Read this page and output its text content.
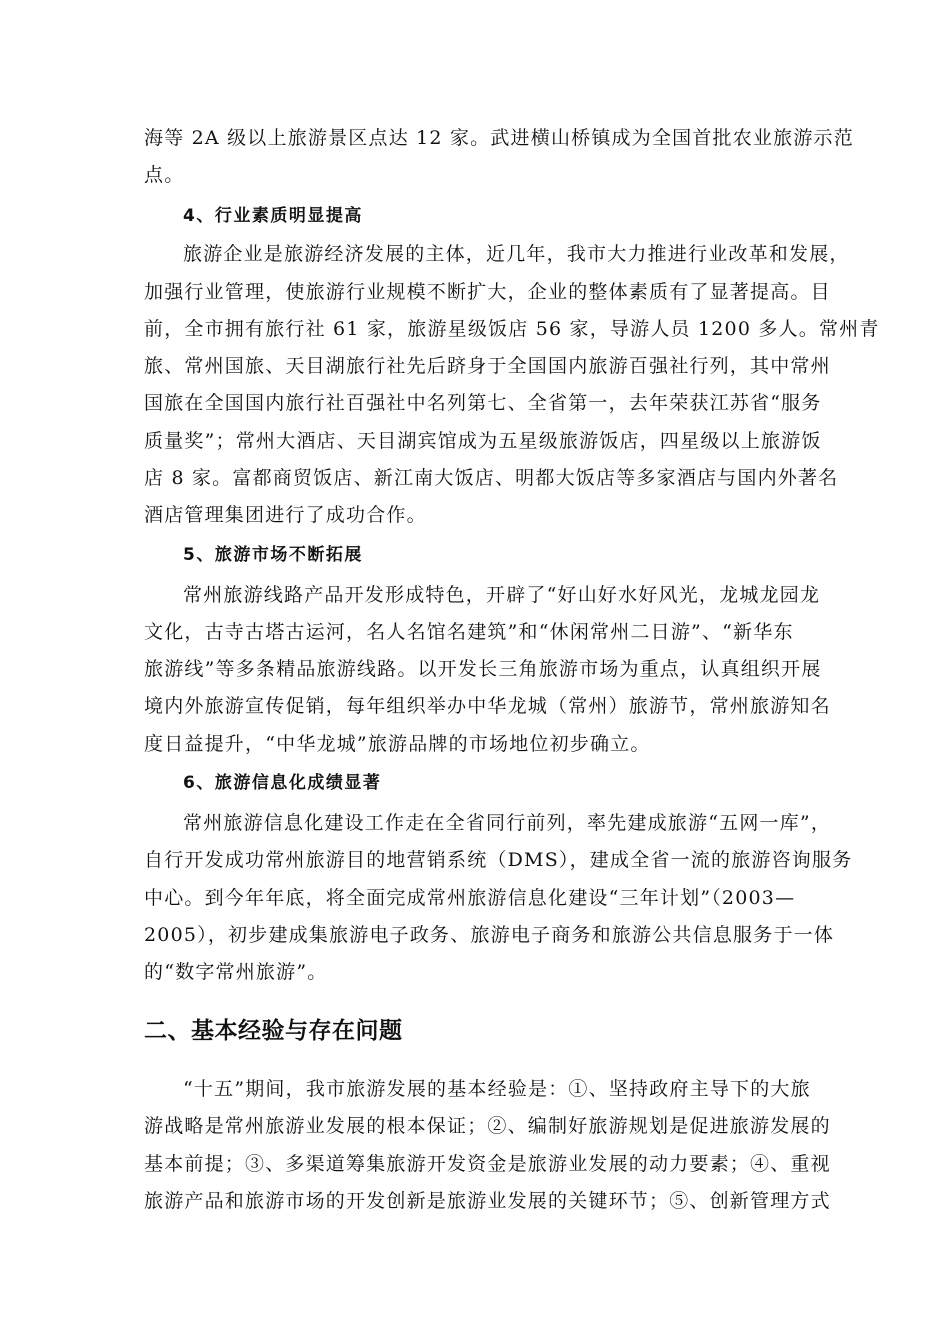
海等 2A 级以上旅游景区点达 12 家。武进横山桥镇成为全国首批农业旅游示范
点。
4、行业素质明显提高
旅游企业是旅游经济发展的主体，近几年，我市大力推进行业改革和发展，
加强行业管理，使旅游行业规模不断扩大，企业的整体素质有了显著提高。目
前，全市拥有旅行社 61 家，旅游星级饭店 56 家，导游人员 1200 多人。常州青
旅、常州国旅、天目湖旅行社先后跻身于全国国内旅游百强社行列，其中常州
国旅在全国国内旅行社百强社中名列第七、全省第一，去年荣获江苏省“服务
质量奖”；常州大酒店、天目湖宾馆成为五星级旅游饭店，四星级以上旅游饭
店 8 家。富都商贸饭店、新江南大饭店、明都大饭店等多家酒店与国内外著名
酒店管理集团进行了成功合作。
5、旅游市场不断拓展
常州旅游线路产品开发形成特色，开辟了“好山好水好风光，龙城龙园龙
文化，古寺古塔古运河，名人名馆名建筑”和“休闲常州二日游”、“新华东
旅游线”等多条精品旅游线路。以开发长三角旅游市场为重点，认真组织开展
境内外旅游宣传促销，每年组织举办中华龙城（常州）旅游节，常州旅游知名
度日益提升，“中华龙城”旅游品牌的市场地位初步确立。
6、旅游信息化成绩显著
常州旅游信息化建设工作走在全省同行前列，率先建成旅游“五网一库”，
自行开发成功常州旅游目的地营销系统（DMS），建成全省一流的旅游咨询服务
中心。到今年年底，将全面完成常州旅游信息化建设“三年计划”（2003—
2005），初步建成集旅游电子政务、旅游电子商务和旅游公共信息服务于一体
的“数字常州旅游”。
二、基本经验与存在问题
“十五”期间，我市旅游发展的基本经验是：①、坚持政府主导下的大旅
游战略是常州旅游业发展的根本保证；②、编制好旅游规划是促进旅游发展的
基本前提；③、多渠道筹集旅游开发资金是旅游业发展的动力要素；④、重视
旅游产品和旅游市场的开发创新是旅游业发展的关键环节；⑤、创新管理方式
